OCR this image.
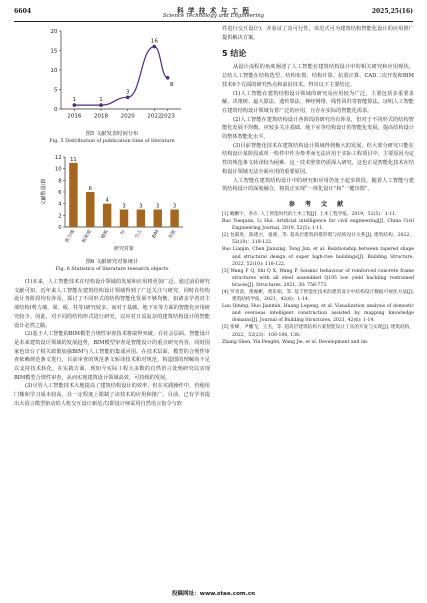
6604	科 学 技 术 与 工 程
Science Technology and Engineering
2025,25(16)
0
5
10
15
20
2016 2018 2020 2022 2023
1	1
3
16
8
图5 文献发表时间分布
Fig. 5 Distribution of publication time of literature
0
2
4
6
8
10
12
文献数量/篇
11
剪力墙
6
框架梁
4
楼板
3
柱
3
节点
3
BIM
3
其他
研究对象
图6 文献研究对象统计
Fig. 6 Statistics of literature research objects

(1)未来，人工智能技术在结构设计领域的发展和应用将更加广泛。通过前沿研究文献可知，近年来人工智能在建筑结构设计领域得到了广泛关注与研究，同时在结构设计各阶段均有涉及，探讨了不同形式的结构智能化发展不够均衡，如诸多学者对主部结构(剪力墙、梁、板、柱等)研究较多，而对于基础、地下室等方面的智能化应用研究较少。因此，对不同的结构形式进行研究，以应对日益复杂的建筑结构设计的智能设计必然之路。

(2)基于人工智能的BIM模型合规性审查技术将取得突破。在社会层面，智能设计是未来建筑设计领域的发展趋势，BIM模型审查是智能设计的重点研究内容，同时国家也出台了相关政策加强BIM与人工智能的集成应用。在技术层面，模型的合规性审查依赖规范条文进行，目前审查的规范条文转译技术和对规范、构造图的理解尚不足以支持技术转化，在实践方面，现如今实际工程大多数的自然语言处理研究以实现BIM模型合规性审查，从而实现建筑设计领域高效、可持续的发展。

(3)尽管人工智能技术大地提高了建筑结构设计的效率，但在实践操作中，仍使用门槛和学习成本较高，在一定程度上限制了该技术的应用和推广。目前，已有学者提出大语言模型驱动的人机交互设计新范式(即设计师采用自然语言指令与软

件进行交互设计)，并验证了其可行性，该范式可为建筑结构智能化设计的应用推广提供解决方案。

5 结论

从设计流程的角度阐述了人工智能在建筑结构设计中的相关研究和应用现状，总结人工智能在结构选型、结构布置、结构计算、抗震计算、CAD二次开发和BIM技术6个方面的研究热点和前沿技术。得出以下主要结论。

(1)人工智能在建筑结构设计领域的研究及应用较为广泛，主要包括多重要求解、决策树、最大算法、遗传算法、神经网络、线性回归等智能算法。证明人工智能在建筑结构设计领域有着广泛的应用，且存在实际的智能化需求。

(2)人工智能在建筑结构设计各阶段的研究均有涉及，但对于不同形式的结构智能化发展不均衡。应较多关注基础、地下室等结构设计的智能化发展，提高结构设计的整体智能化水平。

(3)目前智能化技术在建筑结构设计领域得到极大的发展，但大部分研究只能在结构设计某阶段或单一构件中作为参考而无法应用于实际工程项目中，主要原因为定性的规范条文转译较为困难。这一技术壁垒仍需深入研究，这也正是智能化技术在结构设计领域无法全面应用的重要原因。

人工智能在建筑结构设计中的研究和应用仍处于起步阶段，随着人工智能与建筑结构设计的深度融合，将真正实现“一体化设计”和“一键出图”。

参 考 文 献

[1] 鲍鹏宇，李垚. 人工智能时代的土木工程[J]. 土木工程学报，2019，52(5)：1-11.

Bao Yuequan, Li Hui. Artificial intelligence for civil engineering[J]. China Civil Engineering Journal, 2019, 52(5): 1-11.

[2] 包联进，陈建兴，童骏，等. 超高层建筑斜塔形塔与结构设计关系[J]. 建筑结构，2022，52(10)：118-122.

Bao Lianjin, Chen Jianxing, Tong Jun, et al. Relationship between tapered shape and structural design of super high-rise buildings[J]. Building Structure, 2022, 52(10): 118-122.

[3] Wang F Q, Shi Q X, Wang P. Seismic behaviour of reinforced concrete frame structures with all steel assembled Q195 low yield buckling restrained braces[J]. Structures, 2021, 30: 756-773.

[4] 罗青清，黄俊彬，黄乐娟，等. 基于智能化技术的建筑设计中结构设计数据可视化方法[J]. 建筑结构学报，2021，42(6)：1-14.

Luo Qining, Huo Jianmin, Huang Lepeng, et al. Visualization analysis of domestic and overseas intelligent construction assisted by mapping knowledge domains[J]. Journal of Building Structures, 2021, 42(6): 1-14.

[5] 张峰，尹鹏飞，王杰，等. 超高层建筑结构方案智能设计工具的开发与实现[J]. 建筑结构，2022，52(23)：100-106, 138.

Zhang Shen, Yin Pengfei, Wang Jie, et al. Development and im-

投稿网址：www.stae.com.cn
